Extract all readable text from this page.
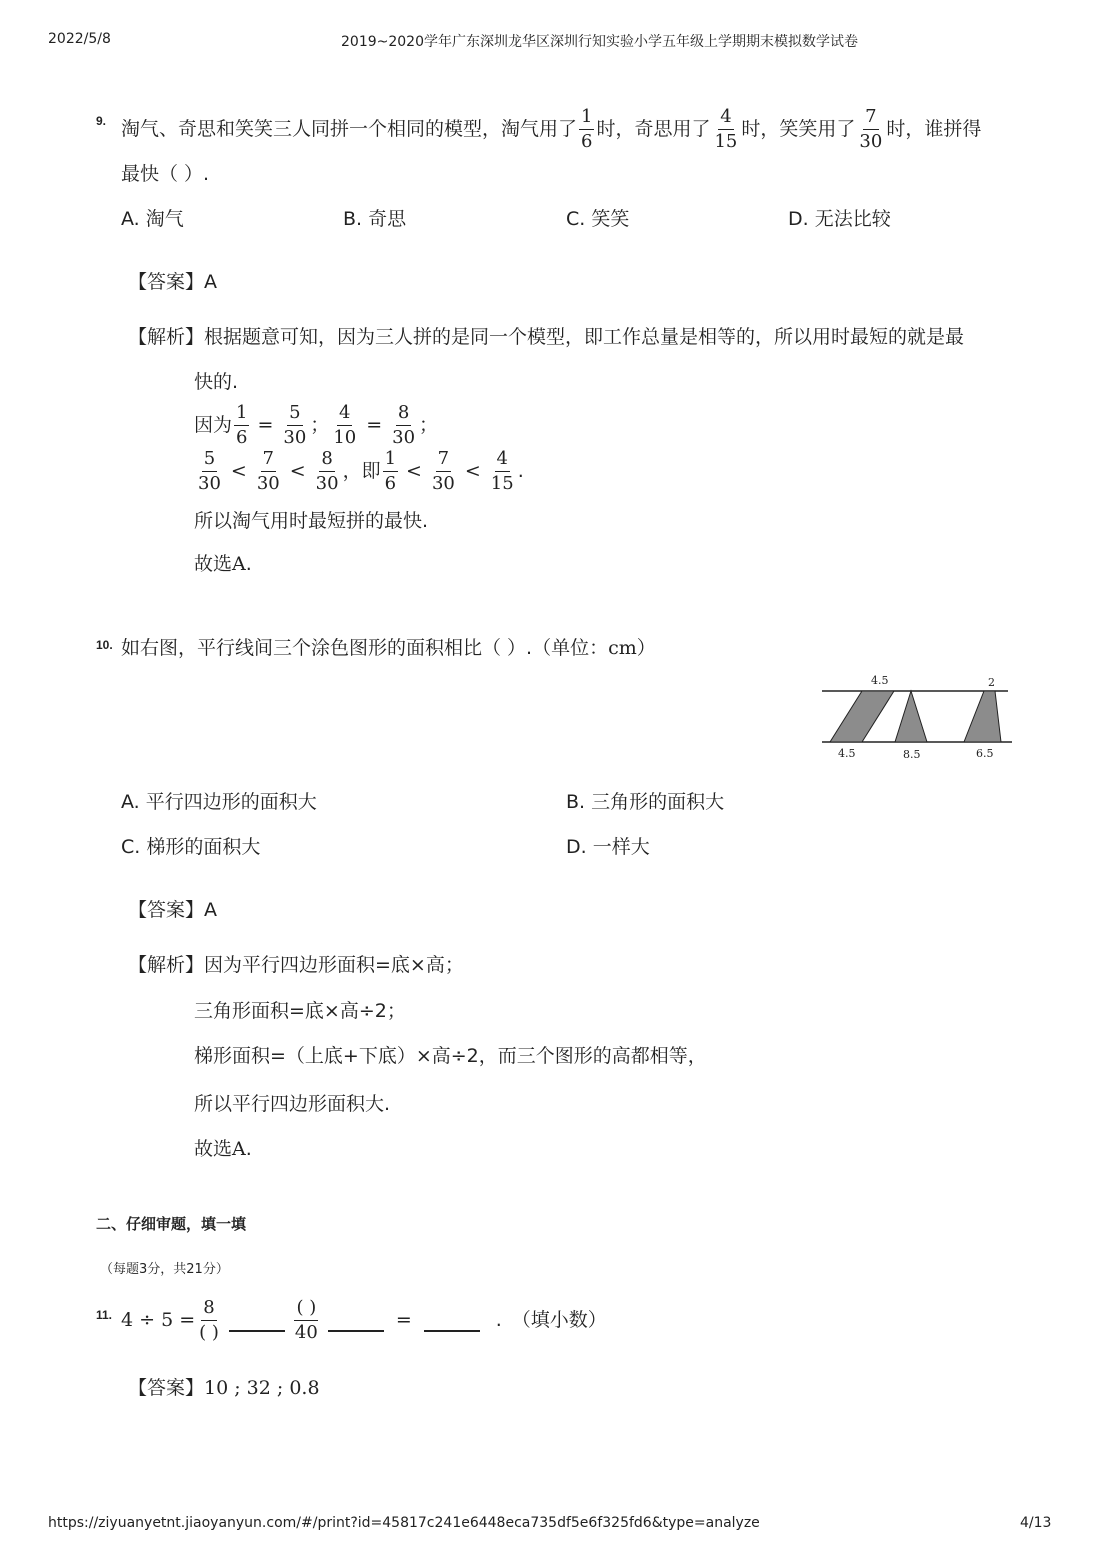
2022/5/8	2019~2020学年广东深圳龙华区深圳行知实验小学五年级上学期期末模拟数学试卷
9. 淘气、奇思和笑笑三人同拼一个相同的模型，淘气用了 $\frac{1}{6}$ 时，奇思用了 $\frac{4}{15}$ 时，笑笑用了 $\frac{7}{30}$ 时，谁拼得
最快（ ）.
A. 淘气	B. 奇思	C. 笑笑	D. 无法比较
【答案】A
【解析】根据题意可知，因为三人拼的是同一个模型，即工作总量是相等的，所以用时最短的就是最
快的.
因为 $\frac{1}{6} = \frac{5}{30}$ ； $\frac{4}{10} = \frac{8}{30}$ ；
$\frac{5}{30} < \frac{7}{30} < \frac{8}{30}$ ，即 $\frac{1}{6} < \frac{7}{30} < \frac{4}{15}$ .
所以淘气用时最短拼的最快.
故选A.
10. 如右图，平行线间三个涂色图形的面积相比（ ）.（单位：cm）
4.5	2
4.5	8.5	6.5
A. 平行四边形的面积大	B. 三角形的面积大
C. 梯形的面积大	D. 一样大
【答案】A
【解析】因为平行四边形面积=底×高；
三角形面积=底×高÷2；
梯形面积=（上底+下底）×高÷2，而三个图形的高都相等，
所以平行四边形面积大.
故选A.
二、仔细审题，填一填
（每题3分，共21分）
11. $4 \div 5 = \frac{8}{( )}$	$\frac{( )}{40}$	=	. （填小数）
【答案】10 ; 32 ; 0.8
https://ziyuanyetnt.jiaoyanyun.com/#/print?id=45817c241e6448eca735df5e6f325fd6&type=analyze	4/13
